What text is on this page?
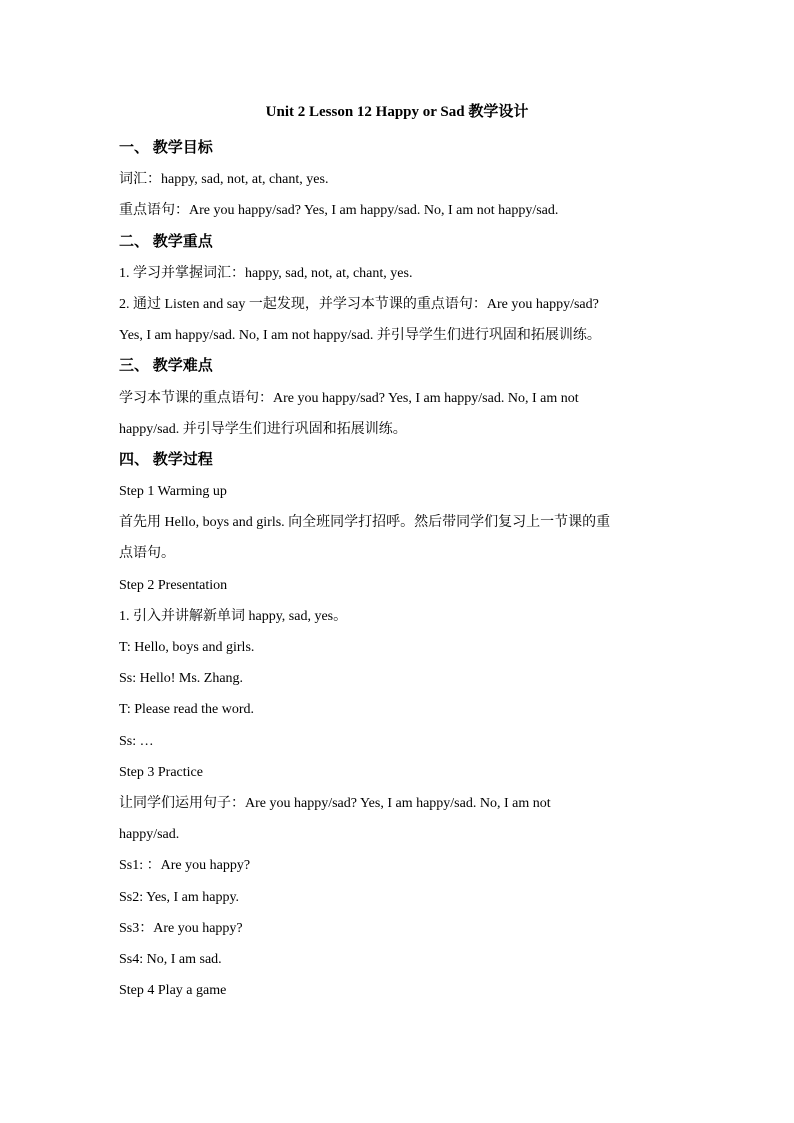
Unit 2 Lesson 12 Happy or Sad 教学设计
一、 教学目标
词汇：happy, sad, not, at, chant, yes.
重点语句：Are you happy/sad? Yes, I am happy/sad. No, I am not happy/sad.
二、 教学重点
1. 学习并掌握词汇：happy, sad, not, at, chant, yes.
2. 通过 Listen and say 一起发现，并学习本节课的重点语句：Are you happy/sad?
Yes, I am happy/sad. No, I am not happy/sad. 并引导学生们进行巩固和拓展训练。
三、 教学难点
学习本节课的重点语句：Are you happy/sad? Yes, I am happy/sad. No, I am not
happy/sad. 并引导学生们进行巩固和拓展训练。
四、 教学过程
Step 1 Warming up
首先用 Hello, boys and girls. 向全班同学打招呼。然后带同学们复习上一节课的重
点语句。
Step 2 Presentation
1. 引入并讲解新单词 happy, sad, yes。
T: Hello, boys and girls.
Ss: Hello! Ms. Zhang.
T: Please read the word.
Ss: …
Step 3 Practice
让同学们运用句子：Are you happy/sad? Yes, I am happy/sad. No, I am not
happy/sad.
Ss1: ：Are you happy?
Ss2: Yes, I am happy.
Ss3：Are you happy?
Ss4: No, I am sad.
Step 4 Play a game
